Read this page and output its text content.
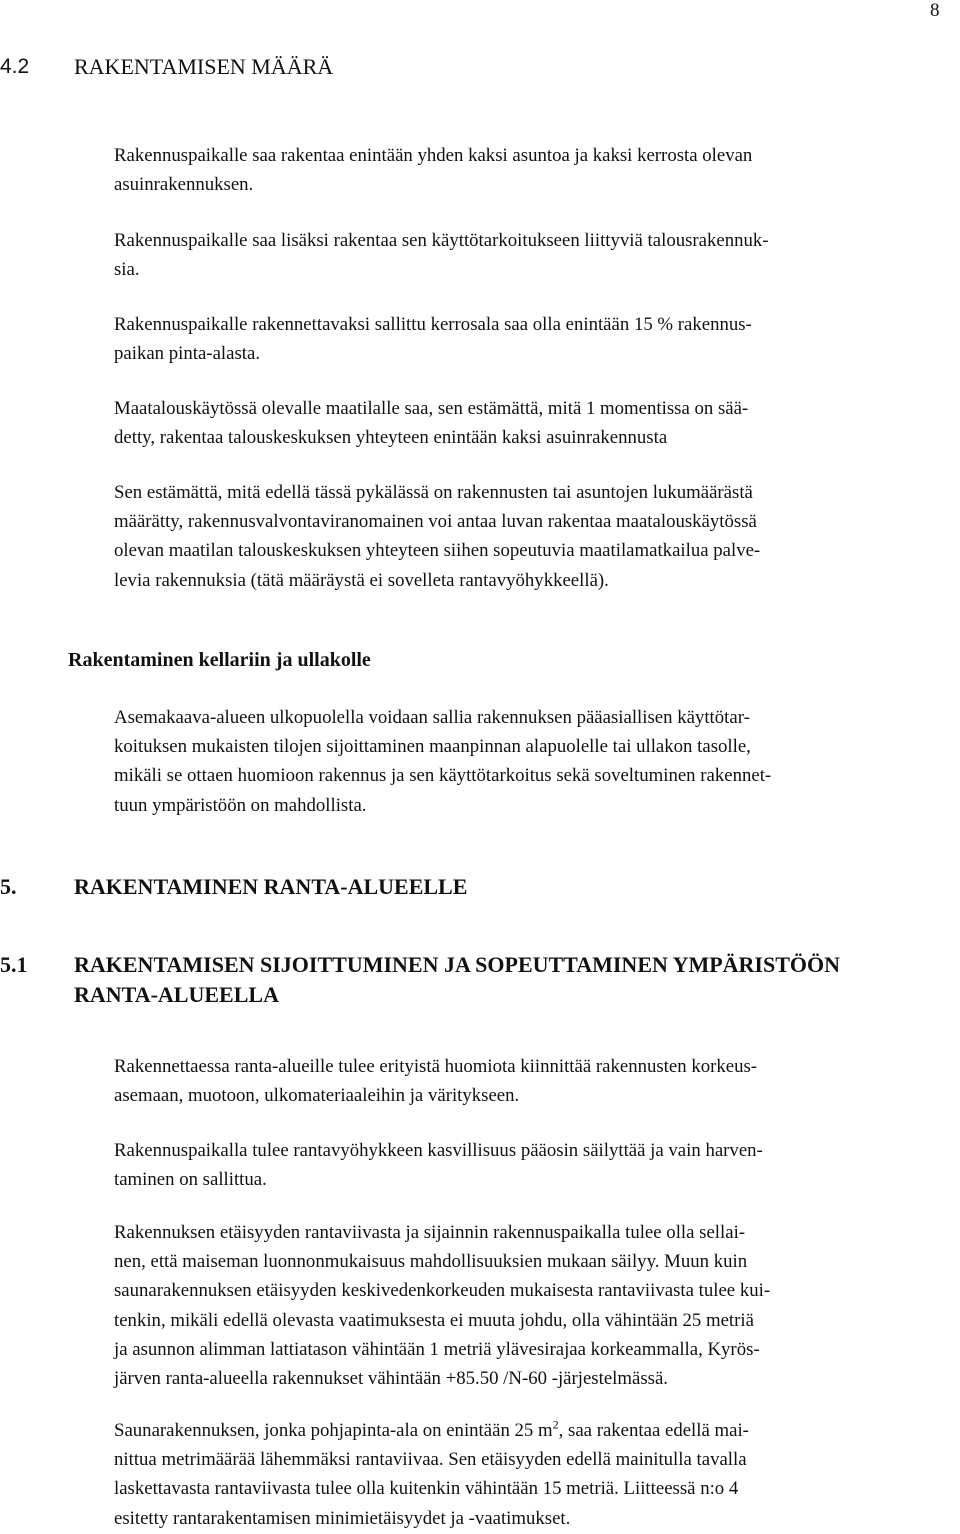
8
4.2 RAKENTAMISEN MÄÄRÄ
Rakennuspaikalle saa rakentaa enintään yhden kaksi asuntoa ja kaksi kerrosta olevan
asuinrakennuksen.
Rakennuspaikalle saa lisäksi rakentaa sen käyttötarkoitukseen liittyviä talousrakennuk-
sia.
Rakennuspaikalle rakennettavaksi sallittu kerrosala saa olla enintään 15 % rakennus-
paikan pinta-alasta.
Maatalouskäytössä olevalle maatilalle saa, sen estämättä, mitä 1 momentissa on sää-
detty, rakentaa talouskeskuksen yhteyteen enintään kaksi asuinrakennusta
Sen estämättä, mitä edellä tässä pykälässä on rakennusten tai asuntojen lukumäärästä
määrätty, rakennusvalvontaviranomainen voi antaa luvan rakentaa maatalouskäytössä
olevan maatilan talouskeskuksen yhteyteen siihen sopeutuvia maatilamatkailua palve-
levia rakennuksia (tätä määräystä ei sovelleta rantavyöhykkeellä).
Rakentaminen kellariin ja ullakolle
Asemakaava-alueen ulkopuolella voidaan sallia rakennuksen pääasiallisen käyttötar-
koituksen mukaisten tilojen sijoittaminen maanpinnan alapuolelle tai ullakon tasolle,
mikäli se ottaen huomioon rakennus ja sen käyttötarkoitus sekä soveltuminen rakennet-
tuun ympäristöön on mahdollista.
5.	RAKENTAMINEN RANTA-ALUEELLE
5.1 RAKENTAMISEN SIJOITTUMINEN JA SOPEUTTAMINEN YMPÄRISTÖÖN
RANTA-ALUEELLA
Rakennettaessa ranta-alueille tulee erityistä huomiota kiinnittää rakennusten korkeus-
asemaan, muotoon, ulkomateriaaleihin ja väritykseen.
Rakennuspaikalla tulee rantavyöhykkeen kasvillisuus pääosin säilyttää ja vain harven-
taminen on sallittua.
Rakennuksen etäisyyden rantaviivasta ja sijainnin rakennuspaikalla tulee olla sellai-
nen, että maiseman luonnonmukaisuus mahdollisuuksien mukaan säilyy. Muun kuin
saunarakennuksen etäisyyden keskivedenkorkeuden mukaisesta rantaviivasta tulee kui-
tenkin, mikäli edellä olevasta vaatimuksesta ei muuta johdu, olla vähintään 25 metriä
ja asunnon alimman lattiatason vähintään 1 metriä ylävesirajaa korkeammalla, Kyrös-
järven ranta-alueella rakennukset vähintään +85.50 /N-60 -järjestelmässä.
Saunarakennuksen, jonka pohjapinta-ala on enintään 25 $m^2$, saa rakentaa edellä mai-
nittua metrimäärää lähemmäksi rantaviivaa. Sen etäisyyden edellä mainitulla tavalla
laskettavasta rantaviivasta tulee olla kuitenkin vähintään 15 metriä. Liitteessä n:o 4
esitetty rantarakentamisen minimietäisyydet ja -vaatimukset.
